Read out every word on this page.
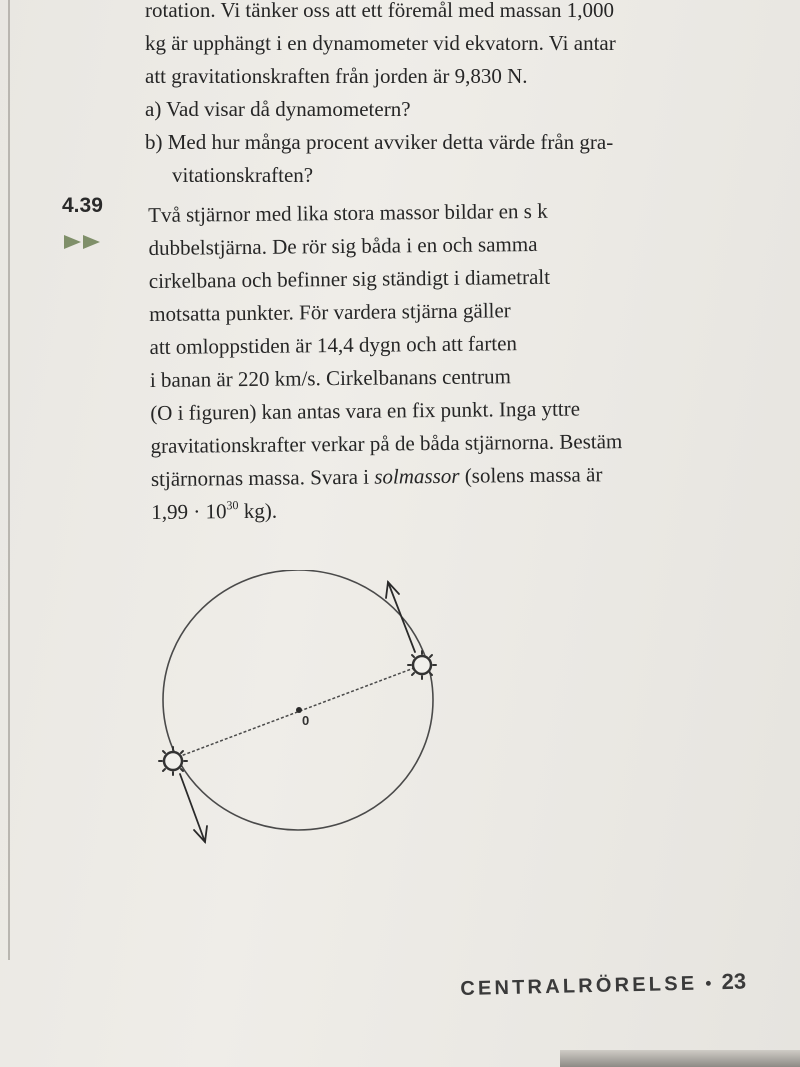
rotation. Vi tänker oss att ett föremål med massan 1,000
kg är upphängt i en dynamometer vid ekvatorn. Vi antar
att gravitationskraften från jorden är 9,830 N.
a) Vad visar då dynamometern?
b) Med hur många procent avviker detta värde från gra-
vitationskraften?
4.39 Två stjärnor med lika stora massor bildar en s k
dubbelstjärna. De rör sig båda i en och samma
cirkelbana och befinner sig ständigt i diametralt
motsatta punkter. För vardera stjärna gäller
att omloppstiden är 14,4 dygn och att farten
i banan är 220 km/s. Cirkelbanans centrum
(O i figuren) kan antas vara en fix punkt. Inga yttre
gravitationskrafter verkar på de båda stjärnorna. Bestäm
stjärnornas massa. Svara i solmassor (solens massa är
$1,99 \cdot 10^{30}$ kg).
0
CENTRALRÖRELSE • 23
